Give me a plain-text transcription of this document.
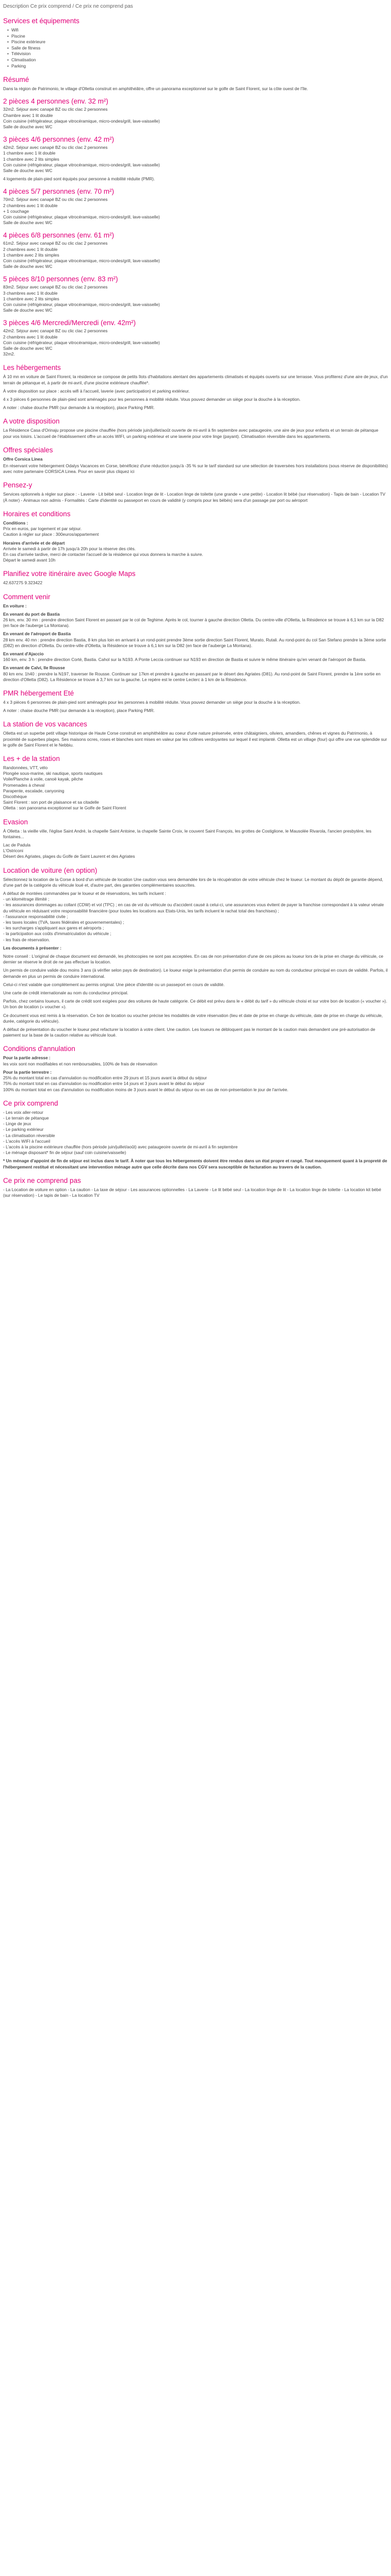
Description Ce prix comprend / Ce prix ne comprend pas
Services et équipements
• Wifi
• Piscine
• Piscine extérieure
• Salle de fitness
• Télévision
• Climatisation
• Parking
Résumé

Dans la région de Patrimonio, le village d'Olletta construit en amphithéâtre, offre un panorama exceptionnel sur le golfe de Saint Florent, sur la côte ouest de l'île.

2 pièces 4 personnes (env. 32 m²)

32m2. Séjour avec canapé BZ ou clic clac 2 personnes
Chambre avec 1 lit double
Coin cuisine (réfrigérateur, plaque vitrocéramique, micro-ondes/grill, lave-vaisselle)
Salle de douche avec WC

3 pièces 4/6 personnes (env. 42 m²)

42m2. Séjour avec canapé BZ ou clic clac 2 personnes
1 chambre avec 1 lit double
1 chambre avec 2 lits simples
Coin cuisine (réfrigérateur, plaque vitrocéramique, micro-ondes/grill, lave-vaisselle)
Salle de douche avec WC

4 logements de plain-pied sont équipés pour personne à mobilité réduite (PMR).

4 pièces 5/7 personnes (env. 70 m²)

70m2. Séjour avec canapé BZ ou clic clac 2 personnes
2 chambres avec 1 lit double
+ 1 couchage
Coin cuisine (réfrigérateur, plaque vitrocéramique, micro-ondes/grill, lave-vaisselle)
Salle de douche avec WC

4 pièces 6/8 personnes (env. 61 m²)

61m2. Séjour avec canapé BZ ou clic clac 2 personnes
2 chambres avec 1 lit double
1 chambre avec 2 lits simples
Coin cuisine (réfrigérateur, plaque vitrocéramique, micro-ondes/grill, lave-vaisselle)
Salle de douche avec WC

5 pièces 8/10 personnes (env. 83 m²)

83m2. Séjour avec canapé BZ ou clic clac 2 personnes
3 chambres avec 1 lit double
1 chambre avec 2 lits simples
Coin cuisine (réfrigérateur, plaque vitrocéramique, micro-ondes/grill, lave-vaisselle)
Salle de douche avec WC

3 pièces 4/6 Mercredi/Mercredi (env. 42m²)

42m2. Séjour avec canapé BZ ou clic clac 2 personnes
2 chambres avec 1 lit double
Coin cuisine (réfrigérateur, plaque vitrocéramique, micro-ondes/grill, lave-vaisselle)
Salle de douche avec WC
32m2.

Les hébergements

À 10 mn en voiture de Saint Florent, la résidence se compose de petits îlots d'habitations alentant des appartements climatisés et équipés ouverts sur une terrasse. Vous profiterez d'une aire de jeux, d'un terrain de pétanque et, à partir de mi-avril, d'une piscine extérieure chauffée*.

À votre disposition sur place : accès wifi à l'accueil, laverie (avec participation) et parking extérieur.

4 x 3 pièces 6 personnes de plain-pied sont aménagés pour les personnes à mobilité réduite. Vous pouvez demander un siège pour la douche à la réception.

A noter : chalse douche PMR (sur demande à la réception), place Parking PMR.

A votre disposition

La Résidence Casa d'Orinaju propose une piscine chauffée (hors période juin/juillet/août ouverte de mi-avril à fin septembre avec pataugeoire, une aire de jeux pour enfants et un terrain de pétanque pour vos loisirs. L'accueil de l'établissement offre un accès WIFI, un parking extérieur et une laverie pour votre linge (payant). Climatisation réversible dans les appartements.

Offres spéciales

Offre Corsica Linea

En réservant votre hébergement Odalys Vacances en Corse, bénéficiez d'une réduction jusqu'à -35 % sur le tarif standard sur une sélection de traversées hors installations (sous réserve de disponibilités) avec notre partenaire CORSICA Linea. Pour en savoir plus cliquez ici

Pensez-y

Services optionnels à régler sur place : - Laverie - Lit bébé seul - Location linge de lit - Location linge de toilette (une grande + une petite) - Location lit bébé (sur réservation) - Tapis de bain - Location TV (À noter) - Animaux non admis - Formalités : Carte d'identité ou passeport en cours de validité (y compris pour les bébés) sera d'un passage par port ou aéroport

Horaires et conditions

Conditions :
Prix en euros, par logement et par séjour.
Caution à régler sur place : 300euros/appartement

Horaires d'arrivée et de départ
Arrivée le samedi à partir de 17h jusqu'à 20h pour la réserve des clés.
En cas d'arrivée tardive, merci de contacter l'accueil de la résidence qui vous donnera la marche à suivre.
Départ le samedi avant 10h

Planifiez votre itinéraire avec Google Maps

42.637275 9.323422

Comment venir

En voiture :

En venant du port de Bastia
26 km, env. 30 mn : prendre direction Saint Florent en passant par le col de Teghime. Après le col, tourner à gauche direction Olletta. Du centre-ville d'Olletta, la Résidence se trouve à 6,1 km sur la D82 (en face de l'auberge La Montana).

En venant de l'aéroport de Bastia
28 km env. 40 mn : prendre direction Bastia, 8 km plus loin en arrivant à un rond-point prendre 3ème sortie direction Saint Florent, Murato, Rutali. Au rond-point du col San Stefano prendre la 3ème sortie (D82) en direction d'Olletta. Du centre-ville d'Olletta, la Résidence se trouve à 6,1 km sur la D82 (en face de l'auberge La Montana).

En venant d'Ajaccio
160 km, env. 3 h : prendre direction Corté, Bastia. Cahol sur la N193. A Ponte Leccia continuer sur N193 en direction de Bastia et suivre le même itinéraire qu'en venant de l'aéroport de Bastia.

En venant de Calvi, Ile Rousse
80 km env. 1h40 : prendre la N197, traverser Ile Rousse. Continuer sur 17km et prendre à gauche en passant par le désert des Agriates (D81). Au rond-point de Saint Florent, prendre la 1ère sortie en direction d'Olletta (D82). La Résidence se trouve à 3,7 km sur la gauche. Le repère est le centre Leclerc à 1 km de la Résidence.

PMR hébergement Eté

4 x 3 pièces 6 personnes de plain-pied sont aménagés pour les personnes à mobilité réduite. Vous pouvez demander un siège pour la douche à la réception.

A noter : chaise douche PMR (sur demande à la réception), place Parking PMR.

La station de vos vacances

Olletta est un superbe petit village historique de Haute Corse construit en amphithéâtre au coeur d'une nature préservée, entre châtaigniers, oliviers, amandiers, chênes et vignes du Patrimonio, à proximité de superbes plages. Ses maisons ocres, roses et blanches sont mises en valeur par les collines verdoyantes sur lequel il est implanté. Olletta est un village (four) qui offre une vue splendide sur le golfe de Saint Florent et le Nebbiu.

Les + de la station

Randonnées, VTT, vélo
Plongée sous-marine, ski nautique, sports nautiques
Voile/Planche à voile, canoë kayak, pêche
Promenades à cheval
Parapente, escalade, canyoning
Discothèque
Saint Florent : son port de plaisance et sa citadelle
Olletta : son panorama exceptionnel sur le Golfe de Saint Florent

Evasion

À Olletta : la vieille ville, l'église Saint André, la chapelle Saint Antoine, la chapelle Sainte Croix, le couvent Saint François, les grottes de Costiglione, le Mausolée Rivarola, l'ancien presbytère, les fontaines...

Lac de Padula
L'Ostriconi
Désert des Agriates, plages du Golfe de Saint Laurent et des Agriates

Location de voiture (en option)

Sélectionnez la location de la Corse à bord d'un véhicule de location Une caution vous sera demandée lors de la récupération de votre véhicule chez le loueur. Le montant du dépôt de garantie dépend, d'une part de la catégorie du véhicule loué et, d'autre part, des garanties complémentaires souscrites.

A défaut de montées commandées par le loueur et de réservations, les tarifs incluent :
- un kilométrage illimité ;
- les assurances dommages au collant (CDW) et vol (TPC) ; en cas de vol du véhicule ou d'accident causé à celui-ci, une assurances vous évitent de payer la franchise correspondant à la valeur vénale du véhicule en réduisant votre responsabilité financière (pour toutes les locations aux Etats-Unis, les tarifs incluent le rachat total des franchises) ;
- l'assurance responsabilité civile ;
- les taxes locales (TVA, taxes fédérales et gouvernementales) ;
- les surcharges s'appliquant aux gares et aéroports ;
- la participation aux coûts d'immatriculation du véhicule ;
- les frais de réservation.

Les documents à présenter :

Notre conseil : L'original de chaque document est demandé, les photocopies ne sont pas acceptées. En cas de non présentation d'une de ces pièces au loueur lors de la prise en charge du véhicule, ce dernier se réserve le droit de ne pas effectuer la location.

Un permis de conduire valide dou moins 3 ans (à vérifier selon pays de destination). Le loueur exige la présentation d'un permis de conduire au nom du conducteur principal en cours de validité. Parfois, il demande en plus un permis de conduire international.

Celui-ci n'est valable que complètement au permis original. Une pièce d'identité ou un passeport en cours de validité.

Une carte de crédit internationale au nom du conducteur principal.

Parfois, chez certains loueurs, il carte de crédit sont exigées pour des voitures de haute catégorie. Ce débit est prévu dans le « débit du tarif » du véhicule choisi et sur votre bon de location (« voucher »). Un bon de location (« voucher »).

Ce document vous est remis à la réservation. Ce bon de location ou voucher précise les modalités de votre réservation (lieu et date de prise en charge du véhicule, date de prise en charge du véhicule, durée, catégorie du véhicule).

A défaut de présentation du voucher le loueur peut refacturer la location à votre client. Une caution. Les loueurs ne débloquent pas le montant de la caution mais demandent une pré-autorisation de paiement sur la base de la caution relative au véhicule loué.

Conditions d'annulation

Pour la partie adresse :
les voix sont non modifiables et non remboursables, 100% de frais de réservation

Pour la partie terrestre :
25% du montant total en cas d'annulation ou modification entre 29 jours et 15 jours avant la début du séjour
75% du montant total en cas d'annulation ou modification entre 14 jours et 3 jours avant le début du séjour
100% du montant total en cas d'annulation ou modification moins de 3 jours avant le début du séjour ou en cas de non-présentation le jour de l'arrivée.

Ce prix comprend

- Les voix aller-retour
- Le terrain de pétanque
- Linge de jeux
- Le parking extérieur
- La climatisation réversible
- L'accès WIFI à l'accueil
- L'accès à la piscine extérieure chauffée (hors période juin/juillet/août) avec pataugeoire ouverte de mi-avril à fin septembre
- Le ménage disposant* fin de séjour (sauf coin cuisine/vaisselle)

* Un ménage d'appoint de fin de séjour est inclus dans le tarif. À noter que tous les hébergements doivent être rendus dans un état propre et rangé. Tout manquement quant à la propreté de l'hébergement restitué et nécessitant une intervention ménage autre que celle décrite dans nos CGV sera susceptible de facturation au travers de la caution.

Ce prix ne comprend pas

- La Location de voiture en option - La caution - La taxe de séjour - Les assurances optionnelles - La Laverie - Le lit bébé seul - La location linge de lit - La location linge de toilette - La location kit bébé (sur réservation) - Le tapis de bain - La location TV
